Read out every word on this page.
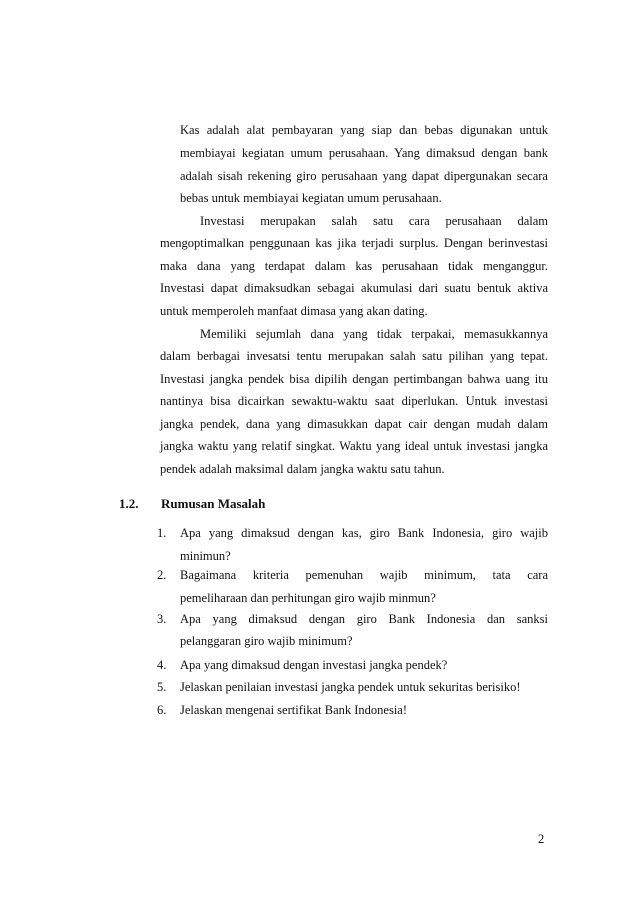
Kas adalah alat pembayaran yang siap dan bebas digunakan untuk
membiayai kegiatan umum perusahaan. Yang dimaksud dengan bank
adalah sisah rekening giro perusahaan yang dapat dipergunakan secara
bebas untuk membiayai kegiatan umum perusahaan.
Investasi merupakan salah satu cara perusahaan dalam
mengoptimalkan penggunaan kas jika terjadi surplus. Dengan berinvestasi
maka dana yang terdapat dalam kas perusahaan tidak menganggur.
Investasi dapat dimaksudkan sebagai akumulasi dari suatu bentuk aktiva
untuk memperoleh manfaat dimasa yang akan dating.
Memiliki sejumlah dana yang tidak terpakai, memasukkannya
dalam berbagai invesatsi tentu merupakan salah satu pilihan yang tepat.
Investasi jangka pendek bisa dipilih dengan pertimbangan bahwa uang itu
nantinya bisa dicairkan sewaktu-waktu saat diperlukan. Untuk investasi
jangka pendek, dana yang dimasukkan dapat cair dengan mudah dalam
jangka waktu yang relatif singkat. Waktu yang ideal untuk investasi jangka
pendek adalah maksimal dalam jangka waktu satu tahun.
1.2. Rumusan Masalah
1. Apa yang dimaksud dengan kas, giro Bank Indonesia, giro wajib
minimun?
2. Bagaimana kriteria pemenuhan wajib minimum, tata cara
pemeliharaan dan perhitungan giro wajib minmun?
3. Apa yang dimaksud dengan giro Bank Indonesia dan sanksi
pelanggaran giro wajib minimum?
4. Apa yang dimaksud dengan investasi jangka pendek?
5. Jelaskan penilaian investasi jangka pendek untuk sekuritas berisiko!
6. Jelaskan mengenai sertifikat Bank Indonesia!
2
